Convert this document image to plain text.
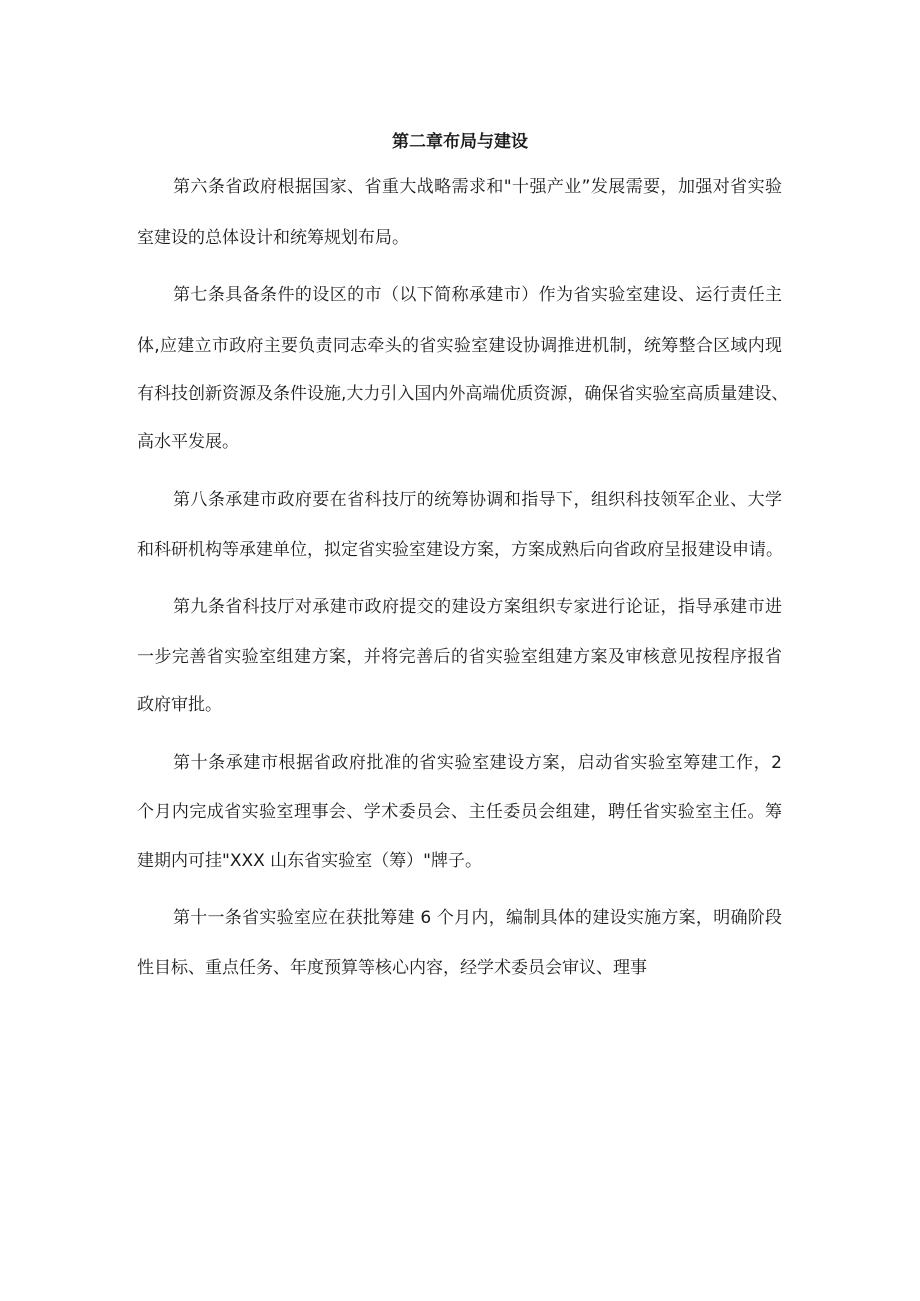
第二章布局与建设

第六条省政府根据国家、省重大战略需求和"十强产业”发展需要，加强对省实验

室建设的总体设计和统筹规划布局。

第七条具备条件的设区的市（以下简称承建市）作为省实验室建设、运行责任主

体,应建立市政府主要负责同志牵头的省实验室建设协调推进机制，统筹整合区域内现

有科技创新资源及条件设施,大力引入国内外高端优质资源，确保省实验室高质量建设、

高水平发展。

第八条承建市政府要在省科技厅的统筹协调和指导下，组织科技领军企业、大学

和科研机构等承建单位，拟定省实验室建设方案，方案成熟后向省政府呈报建设申请。

第九条省科技厅对承建市政府提交的建设方案组织专家进行论证，指导承建市进

一步完善省实验室组建方案，并将完善后的省实验室组建方案及审核意见按程序报省

政府审批。

第十条承建市根据省政府批准的省实验室建设方案，启动省实验室筹建工作，2

个月内完成省实验室理事会、学术委员会、主任委员会组建，聘任省实验室主任。筹

建期内可挂"XXX 山东省实验室（筹）"牌子。

第十一条省实验室应在获批筹建 6 个月内，编制具体的建设实施方案，明确阶段

性目标、重点任务、年度预算等核心内容，经学术委员会审议、理事
